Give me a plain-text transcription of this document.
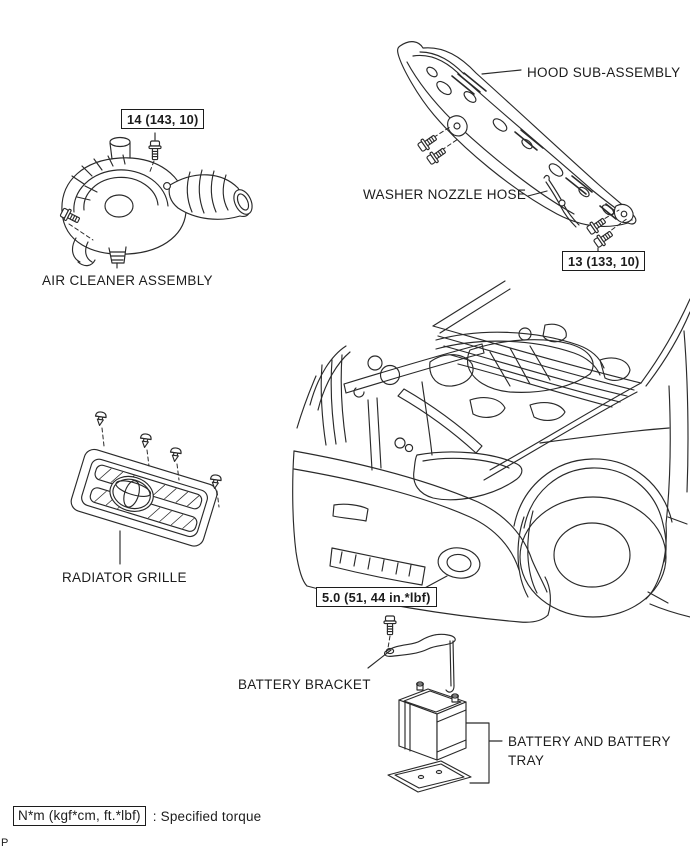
14 (143, 10)
13 (133, 10)
5.0 (51, 44 in.*lbf)
HOOD SUB-ASSEMBLY
WASHER NOZZLE HOSE
AIR CLEANER ASSEMBLY
RADIATOR GRILLE
BATTERY BRACKET
BATTERY AND BATTERY
TRAY
N*m (kgf*cm, ft.*lbf) : Specified torque
P
